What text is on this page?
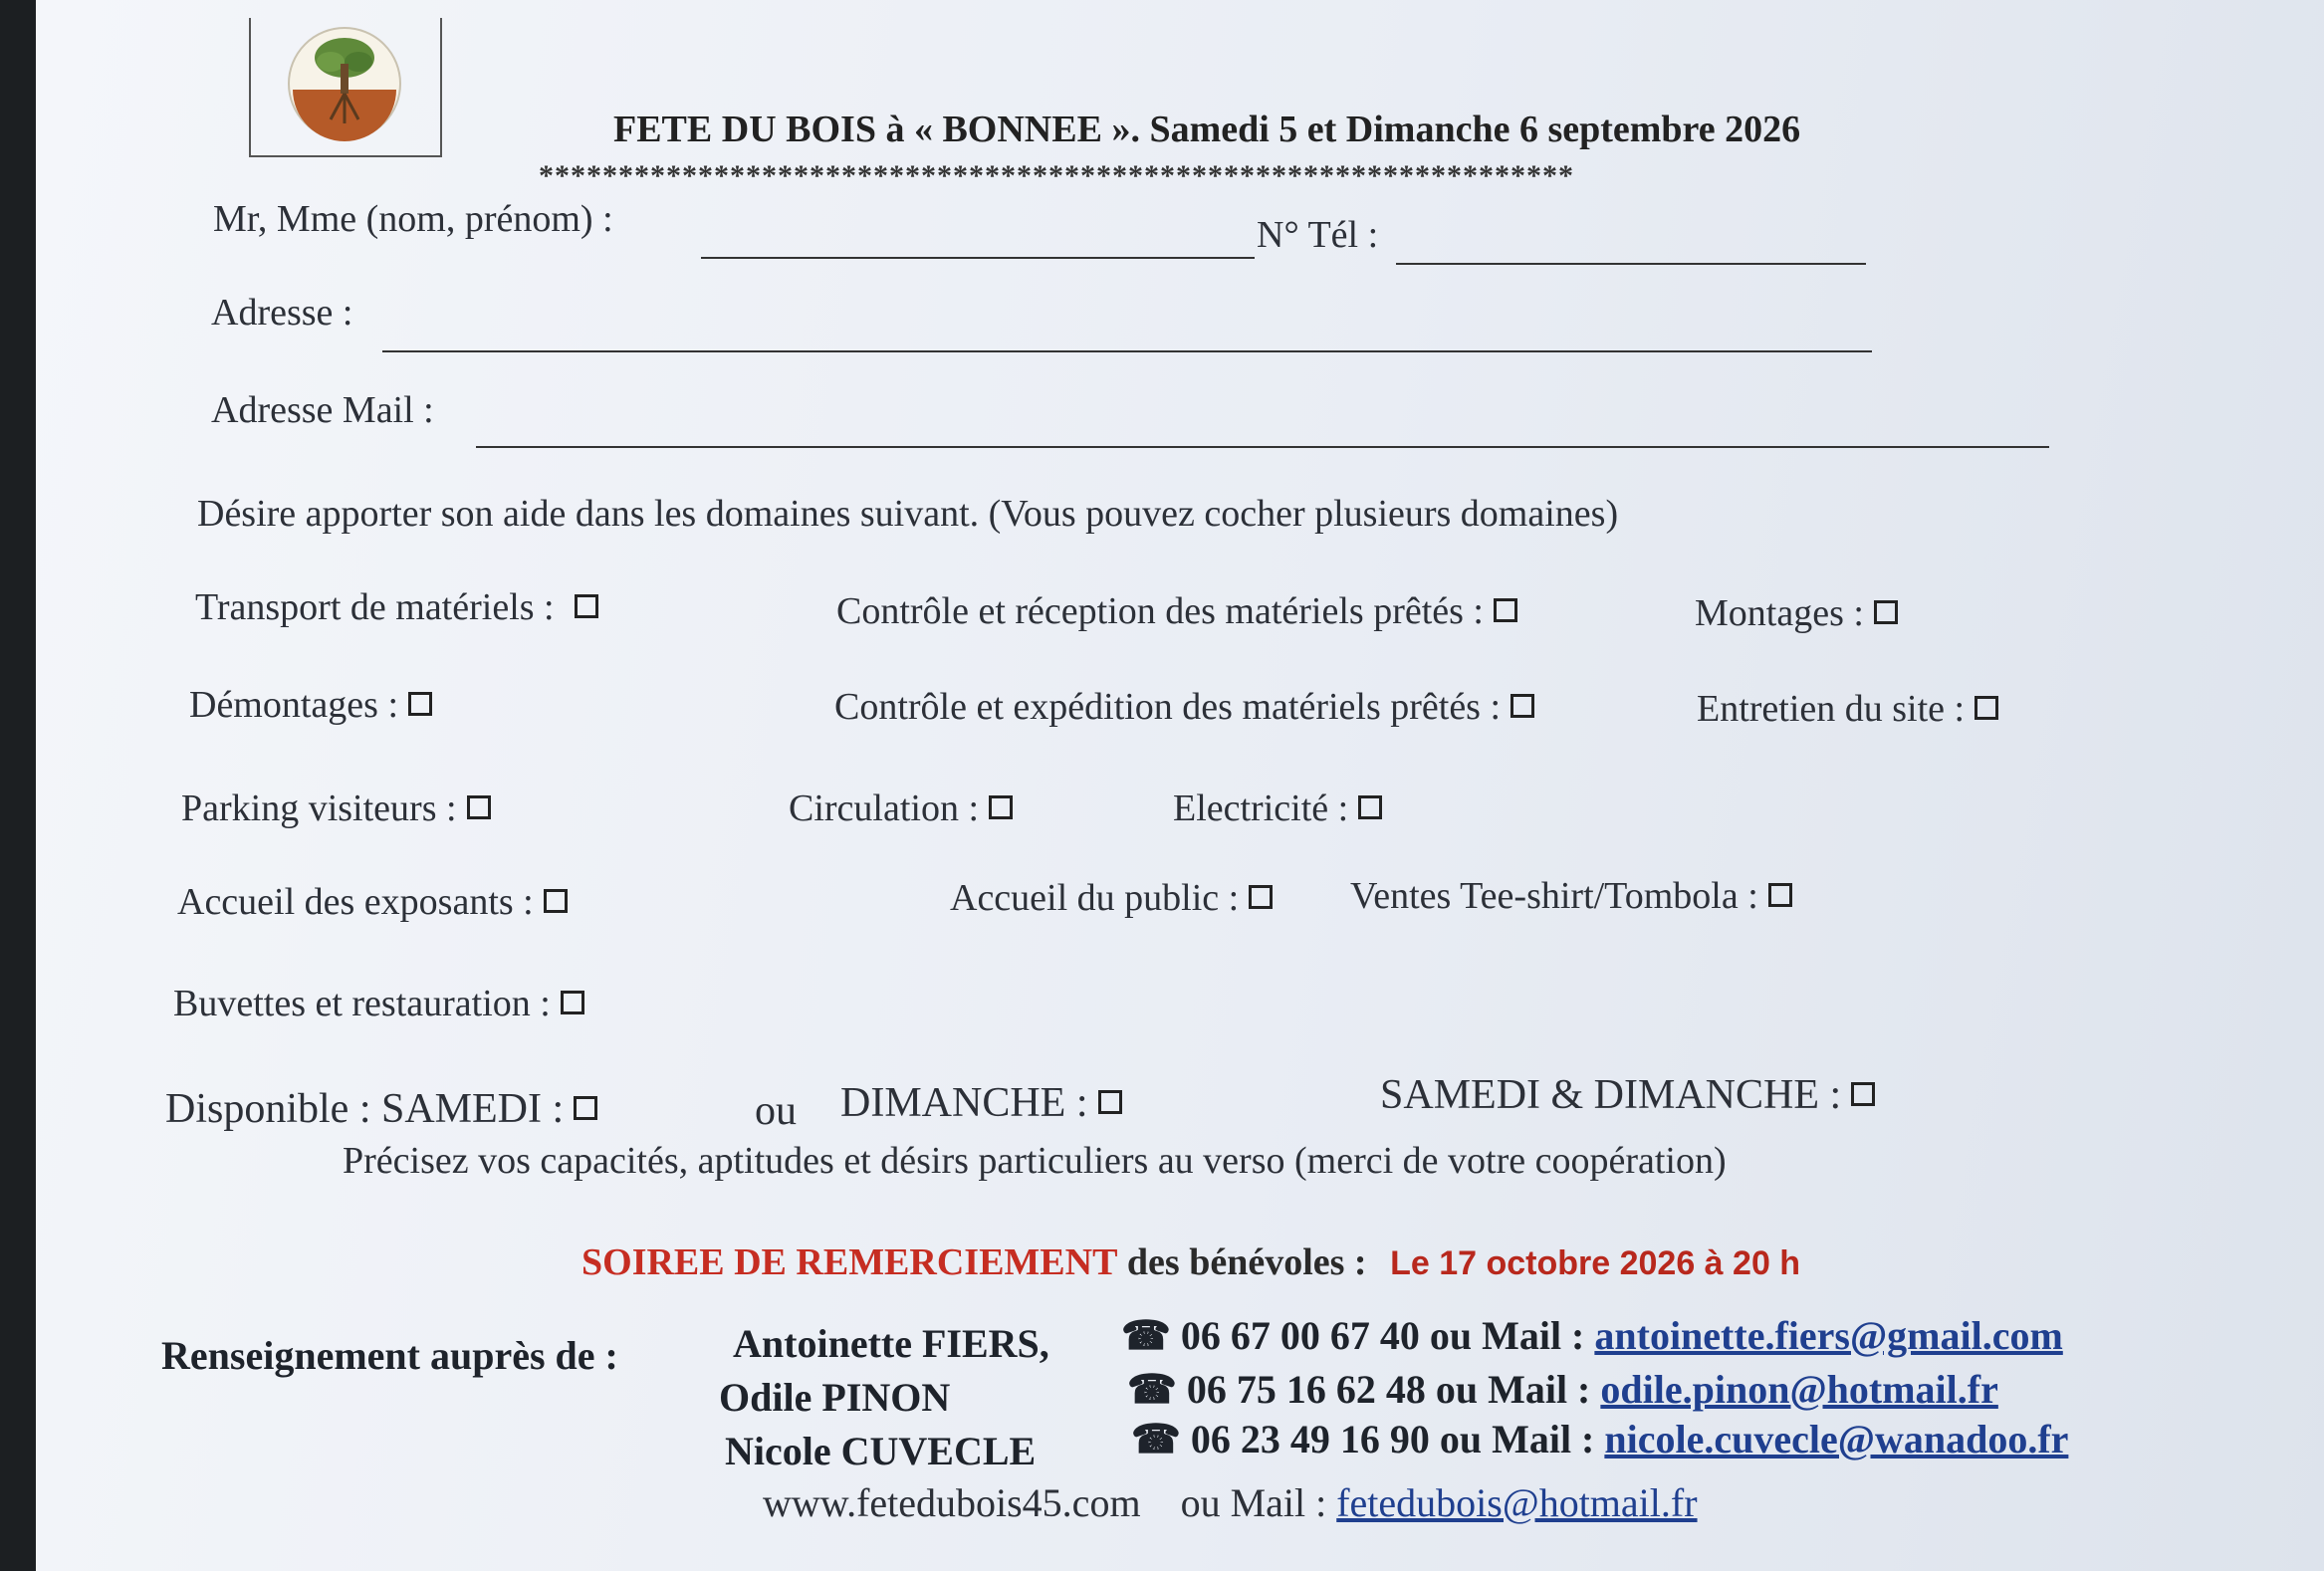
FETE DU BOIS à « BONNEE ». Samedi 5 et Dimanche 6 septembre 2026
*****************************************************************
Mr, Mme (nom, prénom) :	N° Tél :
Adresse :
Adresse Mail :
Désire apporter son aide dans les domaines suivant. (Vous pouvez cocher plusieurs domaines)
Transport de matériels :	Contrôle et réception des matériels prêtés :	Montages :
Démontages :	Contrôle et expédition des matériels prêtés :	Entretien du site :
Parking visiteurs :	Circulation :	Electricité :
Accueil des exposants :	Accueil du public :	Ventes Tee-shirt/Tombola :
Buvettes et restauration :
Disponible : SAMEDI :	ou DIMANCHE :	SAMEDI & DIMANCHE :
Précisez vos capacités, aptitudes et désirs particuliers au verso (merci de votre coopération)
SOIREE DE REMERCIEMENT des bénévoles : Le 17 octobre 2026 à 20 h
Renseignement auprès de :	Antoinette FIERS, ☎ 06 67 00 67 40 ou Mail : antoinette.fiers@gmail.com
Odile PINON	☎ 06 75 16 62 48 ou Mail : odile.pinon@hotmail.fr
Nicole CUVECLE ☎ 06 23 49 16 90 ou Mail : nicole.cuvecle@wanadoo.fr
www.fetedubois45.com ou Mail : fetedubois@hotmail.fr
